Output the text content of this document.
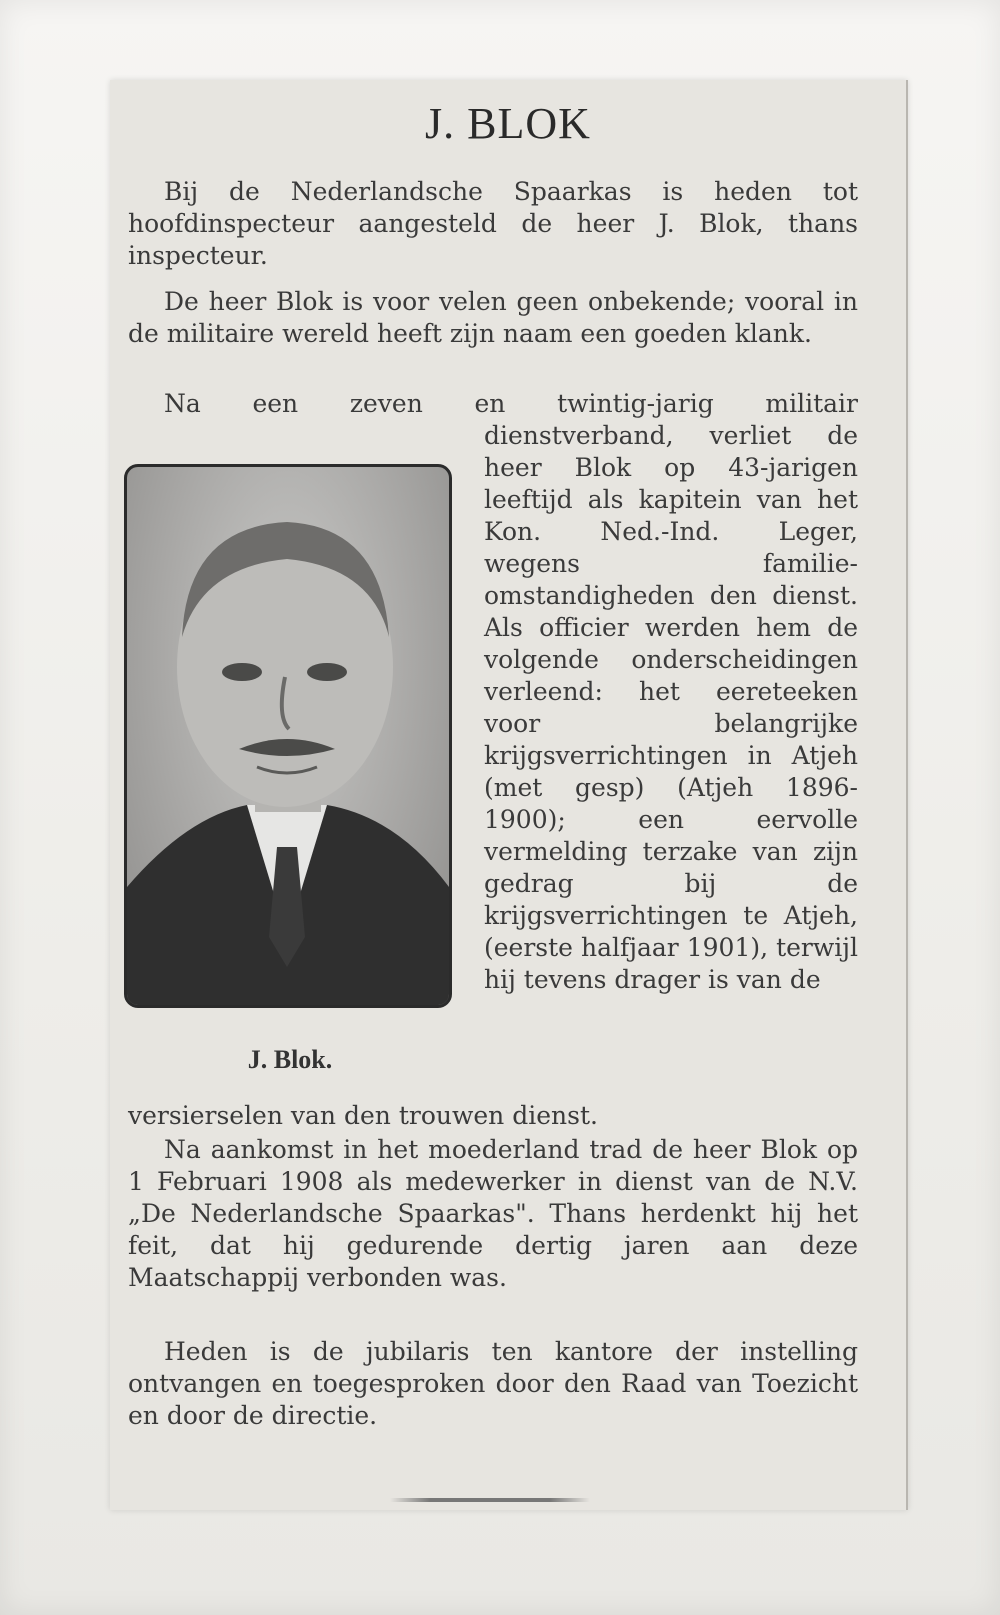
J. BLOK

Bij de Nederlandsche Spaarkas is heden tot hoofdinspecteur aangesteld de heer J. Blok, thans inspecteur.

De heer Blok is voor velen geen onbekende; vooral in de militaire wereld heeft zijn naam een goeden klank.

Na een zeven en twintig-jarig militair

J. Blok.

dienstverband, verliet de heer Blok op 43-jarigen leeftijd als kapitein van het Kon. Ned.-Ind. Leger, wegens familie-omstandigheden den dienst. Als officier werden hem de volgende onderscheidingen verleend: het eereteeken voor belangrijke krijgsverrichtingen in Atjeh (met gesp) (Atjeh 1896-1900); een eervolle vermelding terzake van zijn gedrag bij de krijgsverrichtingen te Atjeh, (eerste halfjaar 1901), terwijl hij tevens drager is van de

versierselen van den trouwen dienst.

Na aankomst in het moederland trad de heer Blok op 1 Februari 1908 als medewerker in dienst van de N.V. „De Nederlandsche Spaarkas". Thans herdenkt hij het feit, dat hij gedurende dertig jaren aan deze Maatschappij verbonden was.

Heden is de jubilaris ten kantore der instelling ontvangen en toegesproken door den Raad van Toezicht en door de directie.
